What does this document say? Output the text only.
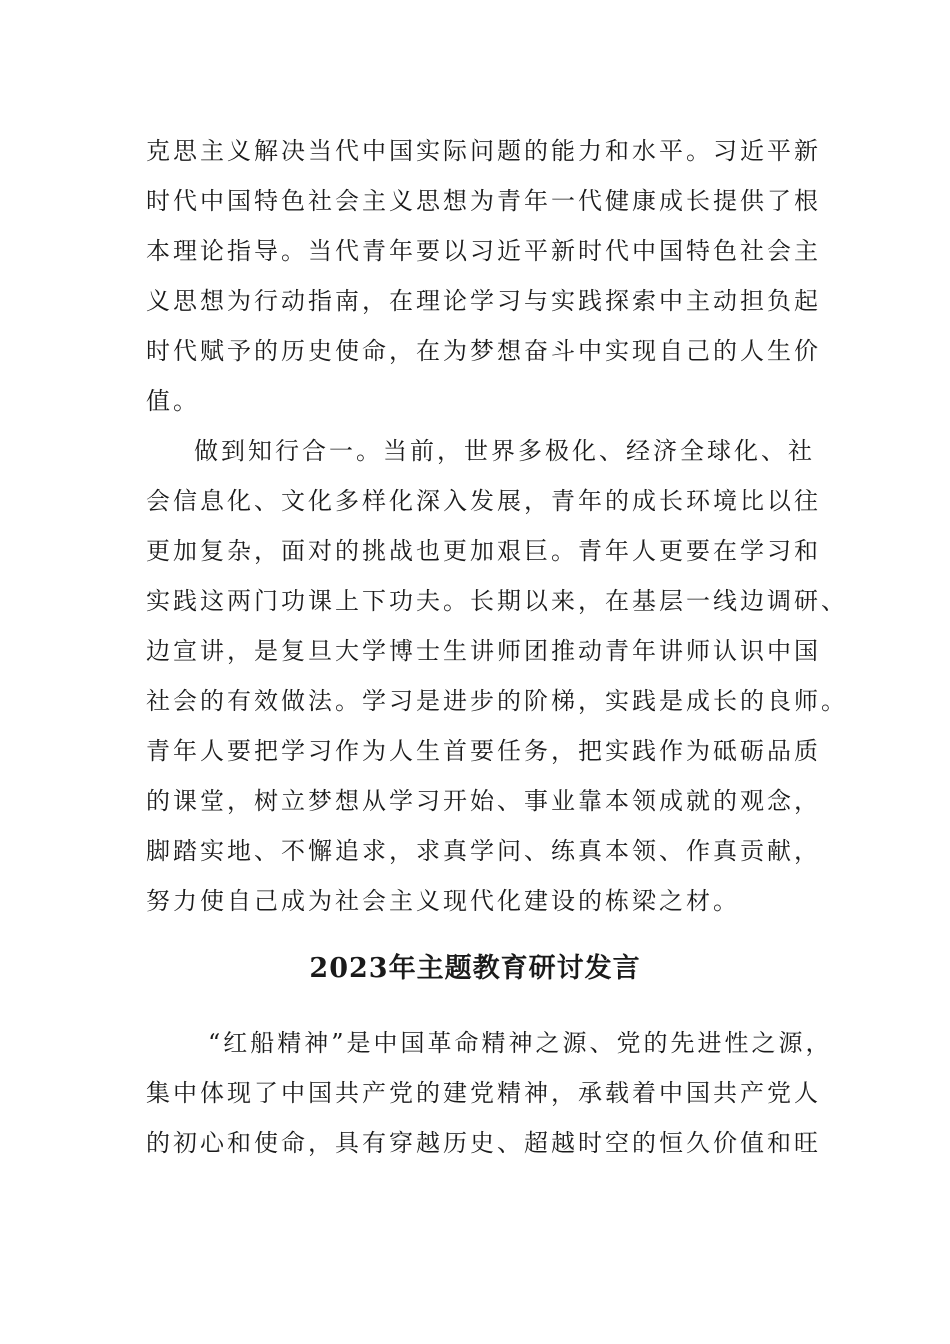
克思主义解决当代中国实际问题的能力和水平。习近平新
时代中国特色社会主义思想为青年一代健康成长提供了根
本理论指导。当代青年要以习近平新时代中国特色社会主
义思想为行动指南，在理论学习与实践探索中主动担负起
时代赋予的历史使命，在为梦想奋斗中实现自己的人生价
值。
做到知行合一。当前，世界多极化、经济全球化、社
会信息化、文化多样化深入发展，青年的成长环境比以往
更加复杂，面对的挑战也更加艰巨。青年人更要在学习和
实践这两门功课上下功夫。长期以来，在基层一线边调研、
边宣讲，是复旦大学博士生讲师团推动青年讲师认识中国
社会的有效做法。学习是进步的阶梯，实践是成长的良师。
青年人要把学习作为人生首要任务，把实践作为砥砺品质
的课堂，树立梦想从学习开始、事业靠本领成就的观念，
脚踏实地、不懈追求，求真学问、练真本领、作真贡献，
努力使自己成为社会主义现代化建设的栋梁之材。
2023年主题教育研讨发言
“红船精神”是中国革命精神之源、党的先进性之源，
集中体现了中国共产党的建党精神，承载着中国共产党人
的初心和使命，具有穿越历史、超越时空的恒久价值和旺
